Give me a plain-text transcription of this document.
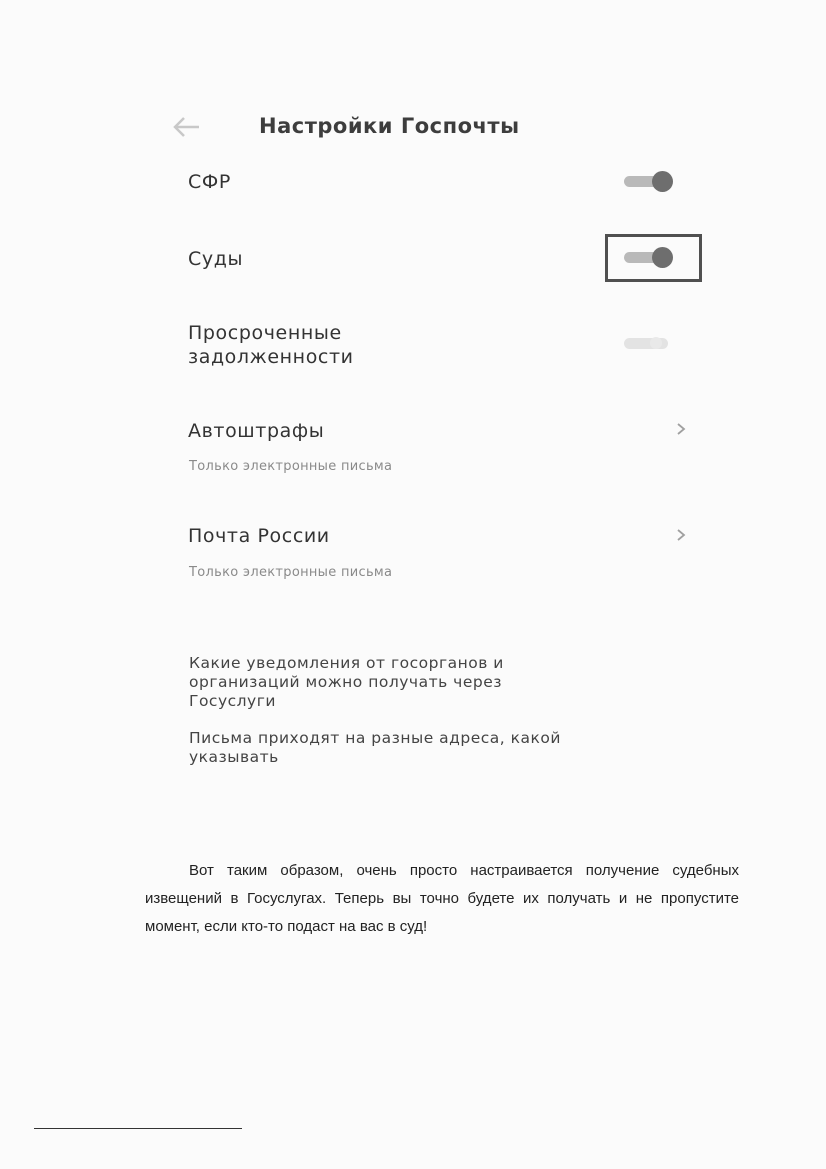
Настройки Госпочты
СФР
Суды
Просроченные
задолженности
Автоштрафы
Только электронные письма
Почта России
Только электронные письма
Какие уведомления от госорганов и
организаций можно получать через
Госуслуги
Письма приходят на разные адреса, какой
указывать
Вот таким образом, очень просто настраивается получение судебных извещений в Госуслугах. Теперь вы точно будете их получать и не пропустите момент, если кто-то подаст на вас в суд!
